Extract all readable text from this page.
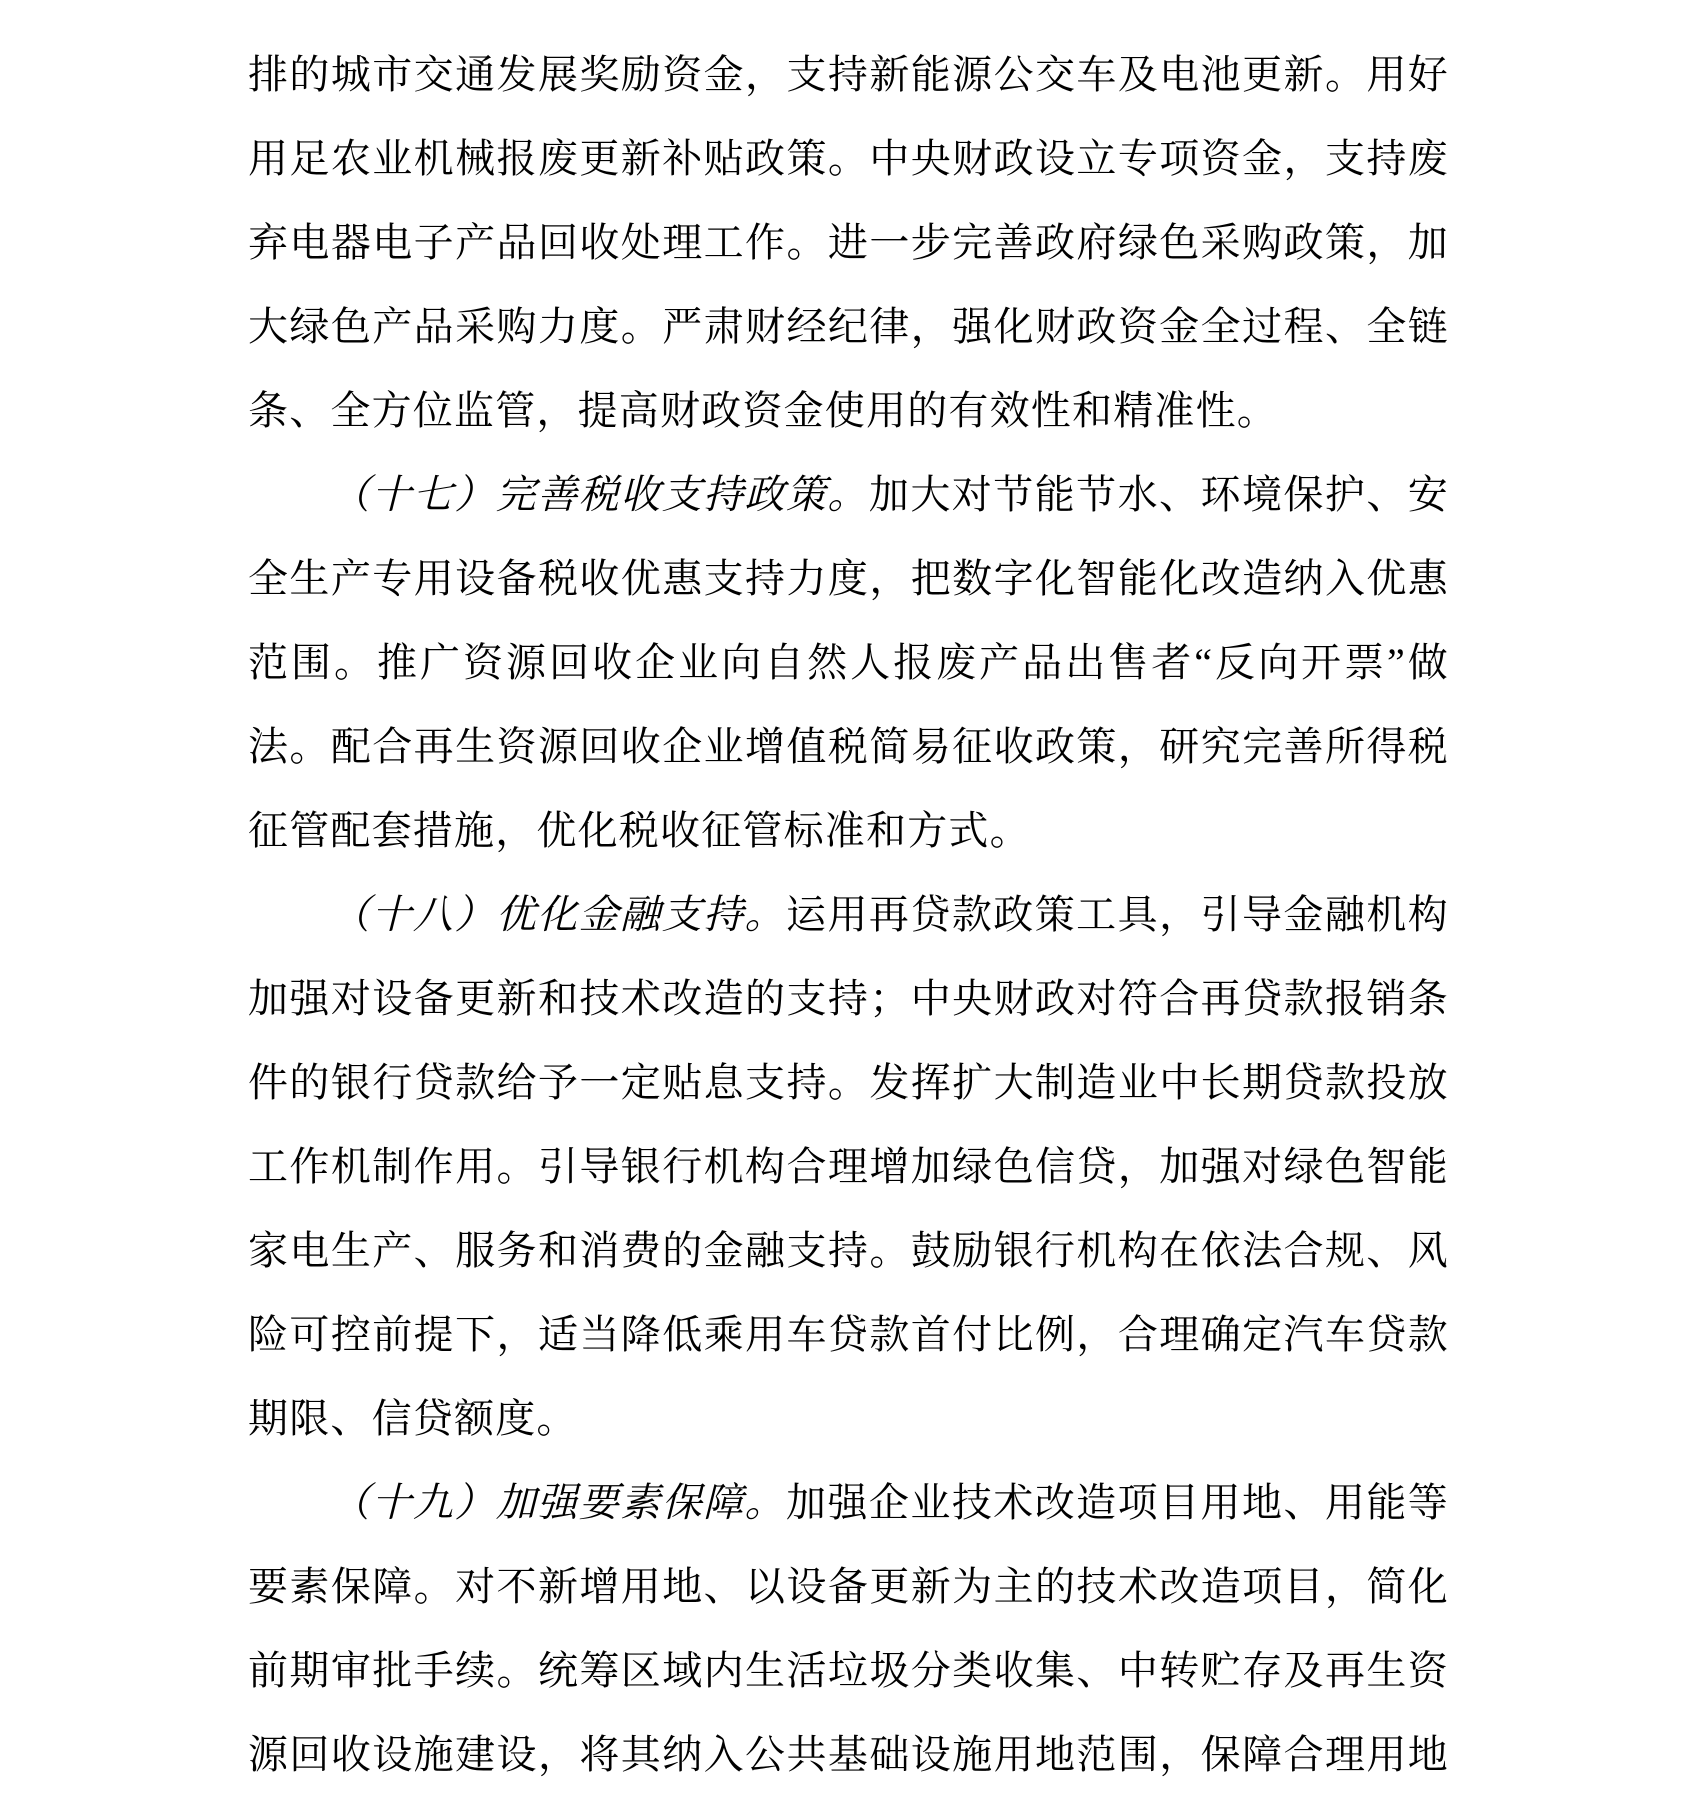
排的城市交通发展奖励资金，支持新能源公交车及电池更新。用好
用足农业机械报废更新补贴政策。中央财政设立专项资金，支持废
弃电器电子产品回收处理工作。进一步完善政府绿色采购政策，加
大绿色产品采购力度。严肃财经纪律，强化财政资金全过程、全链
条、全方位监管，提高财政资金使用的有效性和精准性。
（十七）完善税收支持政策。加大对节能节水、环境保护、安
全生产专用设备税收优惠支持力度，把数字化智能化改造纳入优惠
范围。推广资源回收企业向自然人报废产品出售者“反向开票”做
法。配合再生资源回收企业增值税简易征收政策，研究完善所得税
征管配套措施，优化税收征管标准和方式。
（十八）优化金融支持。运用再贷款政策工具，引导金融机构
加强对设备更新和技术改造的支持；中央财政对符合再贷款报销条
件的银行贷款给予一定贴息支持。发挥扩大制造业中长期贷款投放
工作机制作用。引导银行机构合理增加绿色信贷，加强对绿色智能
家电生产、服务和消费的金融支持。鼓励银行机构在依法合规、风
险可控前提下，适当降低乘用车贷款首付比例，合理确定汽车贷款
期限、信贷额度。
（十九）加强要素保障。加强企业技术改造项目用地、用能等
要素保障。对不新增用地、以设备更新为主的技术改造项目，简化
前期审批手续。统筹区域内生活垃圾分类收集、中转贮存及再生资
源回收设施建设，将其纳入公共基础设施用地范围，保障合理用地
